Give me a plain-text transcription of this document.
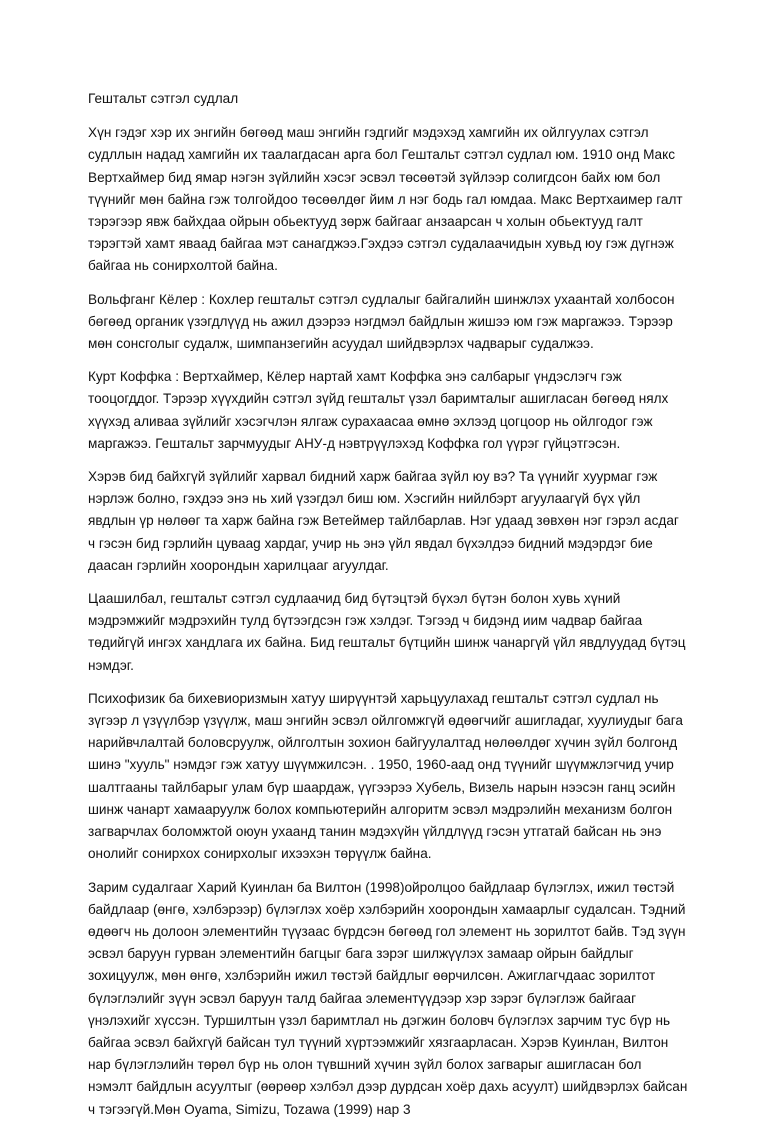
Гештальт сэтгэл судлал

Хүн гэдэг хэр их энгийн бөгөөд маш энгийн гэдгийг мэдэхэд хамгийн их ойлгуулах сэтгэл судллын надад хамгийн их таалагдасан арга бол Гештальт сэтгэл судлал юм. 1910 онд Макс Вертхаймер бид ямар нэгэн зүйлийн хэсэг эсвэл төсөөтэй зүйлээр солигдсон байх юм бол түүнийг мөн байна гэж толгойдоо төсөөлдөг йим л нэг бодь гал юмдаа. Макс Вертхаимер галт тэрэгээр явж байхдаа ойрын обьектууд зөрж байгааг анзаарсан ч холын обьектууд галт тэрэгтэй хамт яваад байгаа мэт санагджээ.Гэхдээ сэтгэл судалаачидын хувьд юу гэж дүгнэж байгаа нь сонирхолтой байна.

Вольфганг Кёлер : Кохлер гештальт сэтгэл судлалыг байгалийн шинжлэх ухаантай холбосон бөгөөд органик үзэгдлүүд нь ажил дээрээ нэгдмэл байдлын жишээ юм гэж маргажээ. Тэрээр мөн сонсголыг судалж, шимпанзегийн асуудал шийдвэрлэх чадварыг судалжээ.

Курт Коффка : Вертхаймер, Кёлер нартай хамт Коффка энэ салбарыг үндэслэгч гэж тооцогддог. Тэрээр хүүхдийн сэтгэл зүйд гештальт үзэл баримталыг ашигласан бөгөөд нялх хүүхэд аливаа зүйлийг хэсэгчлэн ялгаж сурахаасаа өмнө эхлээд цогцоор нь ойлгодог гэж маргажээ. Гештальт зарчмуудыг АНУ-д нэвтрүүлэхэд Коффка гол үүрэг гүйцэтгэсэн.

Хэрэв бид байхгүй зүйлийг харвал бидний харж байгаа зүйл юу вэ? Та үүнийг хуурмаг гэж нэрлэж болно, гэхдээ энэ нь хий үзэгдэл биш юм. Хэсгийн нийлбэрт агуулаагүй бүх үйл явдлын үр нөлөөг та харж байна гэж Ветеймер тайлбарлав. Нэг удаад зөвхөн нэг гэрэл асдаг ч гэсэн бид гэрлийн цуваag хардаг, учир нь энэ үйл явдал бүхэлдээ бидний мэдэрдэг бие даасан гэрлийн хоорондын харилцааг агуулдаг.

Цаашилбал, гештальт сэтгэл судлаачид бид бүтэцтэй бүхэл бүтэн болон хувь хүний мэдрэмжийг мэдрэхийн тулд бүтээгдсэн гэж хэлдэг. Тэгээд ч бидэнд иим чадвар байгаа төдийгүй ингэх хандлага их байна. Бид гештальт бүтцийн шинж чанаргүй үйл явдлуудад бүтэц нэмдэг.

Психофизик ба бихевиоризмын хатуу ширүүнтэй харьцуулахад гештальт сэтгэл судлал нь зүгээр л үзүүлбэр үзүүлж, маш энгийн эсвэл ойлгомжгүй өдөөгчийг ашигладаг, хуулиудыг бага нарийвчлалтай боловсруулж, ойлголтын зохион байгуулалтад нөлөөлдөг хүчин зүйл болгонд шинэ "хууль" нэмдэг гэж хатуу шүүмжилсэн. . 1950, 1960-аад онд түүнийг шүүмжлэгчид учир шалтгааны тайлбарыг улам бүр шаардаж, үүгээрээ Хубель, Визель нарын нээсэн ганц эсийн шинж чанарт хамааруулж болох компьютерийн алгоритм эсвэл мэдрэлийн механизм болгон загварчлах боломжтой оюун ухаанд танин мэдэхүйн үйлдлүүд гэсэн утгатай байсан нь энэ онолийг сонирхох сонирхолыг ихээхэн төрүүлж байна.

Зарим судалгааг Харий Куинлан ба Вилтон (1998)ойролцоо байдлаар бүлэглэх, ижил төстэй байдлаар (өнгө, хэлбэрээр) бүлэглэх хоёр хэлбэрийн хоорондын хамаарлыг судалсан. Тэдний өдөөгч нь долоон элементийн түүзаас бүрдсэн бөгөөд гол элемент нь зорилтот байв. Тэд зүүн эсвэл баруун гурван элементийн багцыг бага зэрэг шилжүүлэх замаар ойрын байдлыг зохицуулж, мөн өнгө, хэлбэрийн ижил төстэй байдлыг өөрчилсөн. Ажиглагчдаас зорилтот бүлэглэлийг зүүн эсвэл баруун талд байгаа элементүүдээр хэр зэрэг бүлэглэж байгааг үнэлэхийг хүссэн. Туршилтын үзэл баримтлал нь дэгжин боловч бүлэглэх зарчим тус бүр нь байгаа эсвэл байхгүй байсан тул түүний хүртээмжийг хязгаарласан. Хэрэв Куинлан, Вилтон нар бүлэглэлийн төрөл бүр нь олон түвшний хүчин зүйл болох загварыг ашигласан бол нэмэлт байдлын асуултыг (өөрөөр хэлбэл дээр дурдсан хоёр дахь асуулт) шийдвэрлэх байсан ч тэгээгүй.Мөн Oyama, Simizu, Tozawa (1999) нар 3
